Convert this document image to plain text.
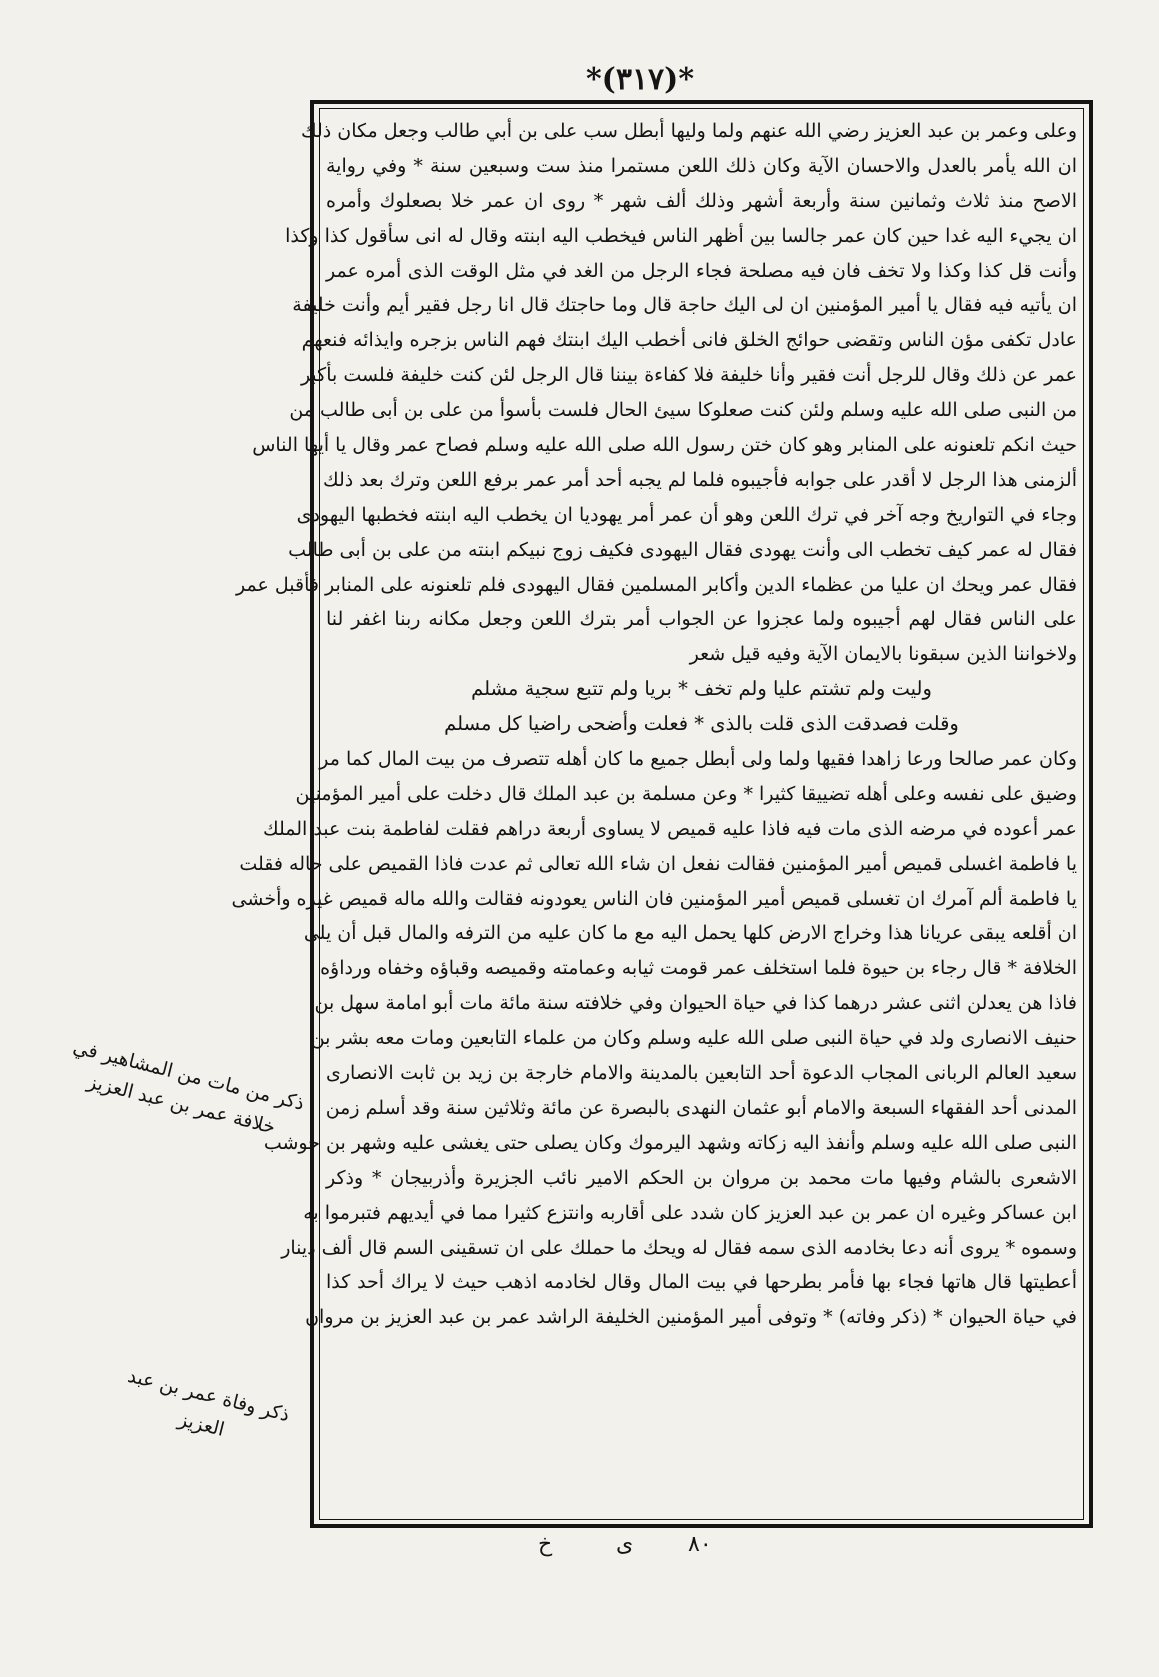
*(٣١٧)*
وعلى وعمر بن عبد العزيز رضي الله عنهم ولما وليها أبطل سب على بن أبي طالب وجعل مكان ذلك
ان الله يأمر بالعدل والاحسان الآية وكان ذلك اللعن مستمرا منذ ست وسبعين سنة * وفي رواية
الاصح منذ ثلاث وثمانين سنة وأربعة أشهر وذلك ألف شهر * روى ان عمر خلا بصعلوك وأمره
ان يجيء اليه غدا حين كان عمر جالسا بين أظهر الناس فيخطب اليه ابنته وقال له انى سأقول كذا وكذا
وأنت قل كذا وكذا ولا تخف فان فيه مصلحة فجاء الرجل من الغد في مثل الوقت الذى أمره عمر
ان يأتيه فيه فقال يا أمير المؤمنين ان لى اليك حاجة قال وما حاجتك قال انا رجل فقير أيم وأنت خليفة
عادل تكفى مؤن الناس وتقضى حوائج الخلق فانى أخطب اليك ابنتك فهم الناس بزجره وايذائه فنعهم
عمر عن ذلك وقال للرجل أنت فقير وأنا خليفة فلا كفاءة بيننا قال الرجل لئن كنت خليفة فلست بأكبر
من النبى صلى الله عليه وسلم ولئن كنت صعلوكا سيئ الحال فلست بأسوأ من على بن أبى طالب من
حيث انكم تلعنونه على المنابر وهو كان ختن رسول الله صلى الله عليه وسلم فصاح عمر وقال يا أيها الناس
ألزمنى هذا الرجل لا أقدر على جوابه فأجيبوه فلما لم يجبه أحد أمر عمر برفع اللعن وترك بعد ذلك
وجاء في التواريخ وجه آخر في ترك اللعن وهو أن عمر أمر يهوديا ان يخطب اليه ابنته فخطبها اليهودى
فقال له عمر كيف تخطب الى وأنت يهودى فقال اليهودى فكيف زوج نبيكم ابنته من على بن أبى طالب
فقال عمر ويحك ان عليا من عظماء الدين وأكابر المسلمين فقال اليهودى فلم تلعنونه على المنابر فأقبل عمر
على الناس فقال لهم أجيبوه ولما عجزوا عن الجواب أمر بترك اللعن وجعل مكانه ربنا اغفر لنا
ولاخواننا الذين سبقونا بالايمان الآية وفيه قيل شعر
وليت ولم تشتم عليا ولم تخف * بريا ولم تتبع سجية مشلم
وقلت فصدقت الذى قلت بالذى * فعلت وأضحى راضيا كل مسلم
وكان عمر صالحا ورعا زاهدا فقيها ولما ولى أبطل جميع ما كان أهله تتصرف من بيت المال كما مر
وضيق على نفسه وعلى أهله تضييقا كثيرا * وعن مسلمة بن عبد الملك قال دخلت على أمير المؤمنين
عمر أعوده في مرضه الذى مات فيه فاذا عليه قميص لا يساوى أربعة دراهم فقلت لفاطمة بنت عبد الملك
يا فاطمة اغسلى قميص أمير المؤمنين فقالت نفعل ان شاء الله تعالى ثم عدت فاذا القميص على حاله فقلت
يا فاطمة ألم آمرك ان تغسلى قميص أمير المؤمنين فان الناس يعودونه فقالت والله ماله قميص غيره وأخشى
ان أقلعه يبقى عريانا هذا وخراج الارض كلها يحمل اليه مع ما كان عليه من الترفه والمال قبل أن يلى
الخلافة * قال رجاء بن حيوة فلما استخلف عمر قومت ثيابه وعمامته وقميصه وقباؤه وخفاه ورداؤه
فاذا هن يعدلن اثنى عشر درهما كذا في حياة الحيوان وفي خلافته سنة مائة مات أبو امامة سهل بن
حنيف الانصارى ولد في حياة النبى صلى الله عليه وسلم وكان من علماء التابعين ومات معه بشر بن
سعيد العالم الربانى المجاب الدعوة أحد التابعين بالمدينة والامام خارجة بن زيد بن ثابت الانصارى
المدنى أحد الفقهاء السبعة والامام أبو عثمان النهدى بالبصرة عن مائة وثلاثين سنة وقد أسلم زمن
النبى صلى الله عليه وسلم وأنفذ اليه زكاته وشهد اليرموك وكان يصلى حتى يغشى عليه وشهر بن حوشب
الاشعرى بالشام وفيها مات محمد بن مروان بن الحكم الامير نائب الجزيرة وأذربيجان * وذكر
ابن عساكر وغيره ان عمر بن عبد العزيز كان شدد على أقاربه وانتزع كثيرا مما في أيديهم فتبرموا به
وسموه * يروى أنه دعا بخادمه الذى سمه فقال له ويحك ما حملك على ان تسقينى السم قال ألف دينار
أعطيتها قال هاتها فجاء بها فأمر بطرحها في بيت المال وقال لخادمه اذهب حيث لا يراك أحد كذا
في حياة الحيوان * (ذكر وفاته) * وتوفى أمير المؤمنين الخليفة الراشد عمر بن عبد العزيز بن مروان
ذكر من مات من المشاهير في خلافة عمر بن عبد العزيز
ذكر وفاة عمر بن عبد العزيز
٨٠
ى
خ
